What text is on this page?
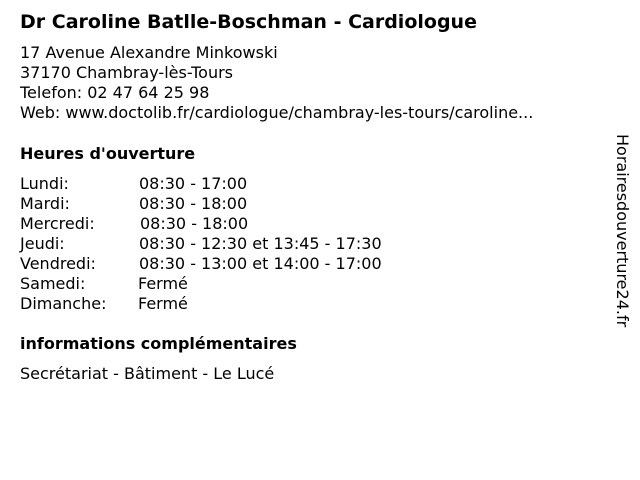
Dr Caroline Batlle-Boschman - Cardiologue
17 Avenue Alexandre Minkowski
37170 Chambray-lès-Tours
Telefon: 02 47 64 25 98
Web: www.doctolib.fr/cardiologue/chambray-les-tours/caroline...
Heures d'ouverture
Lundi:	08:30 - 17:00
Mardi:	08:30 - 18:00
Mercredi:	08:30 - 18:00
Jeudi:	08:30 - 12:30 et 13:45 - 17:30
Vendredi:	08:30 - 13:00 et 14:00 - 17:00
Samedi:	Fermé
Dimanche: Fermé
informations complémentaires
Secrétariat - Bâtiment - Le Lucé
Horairesdouverture24.fr
